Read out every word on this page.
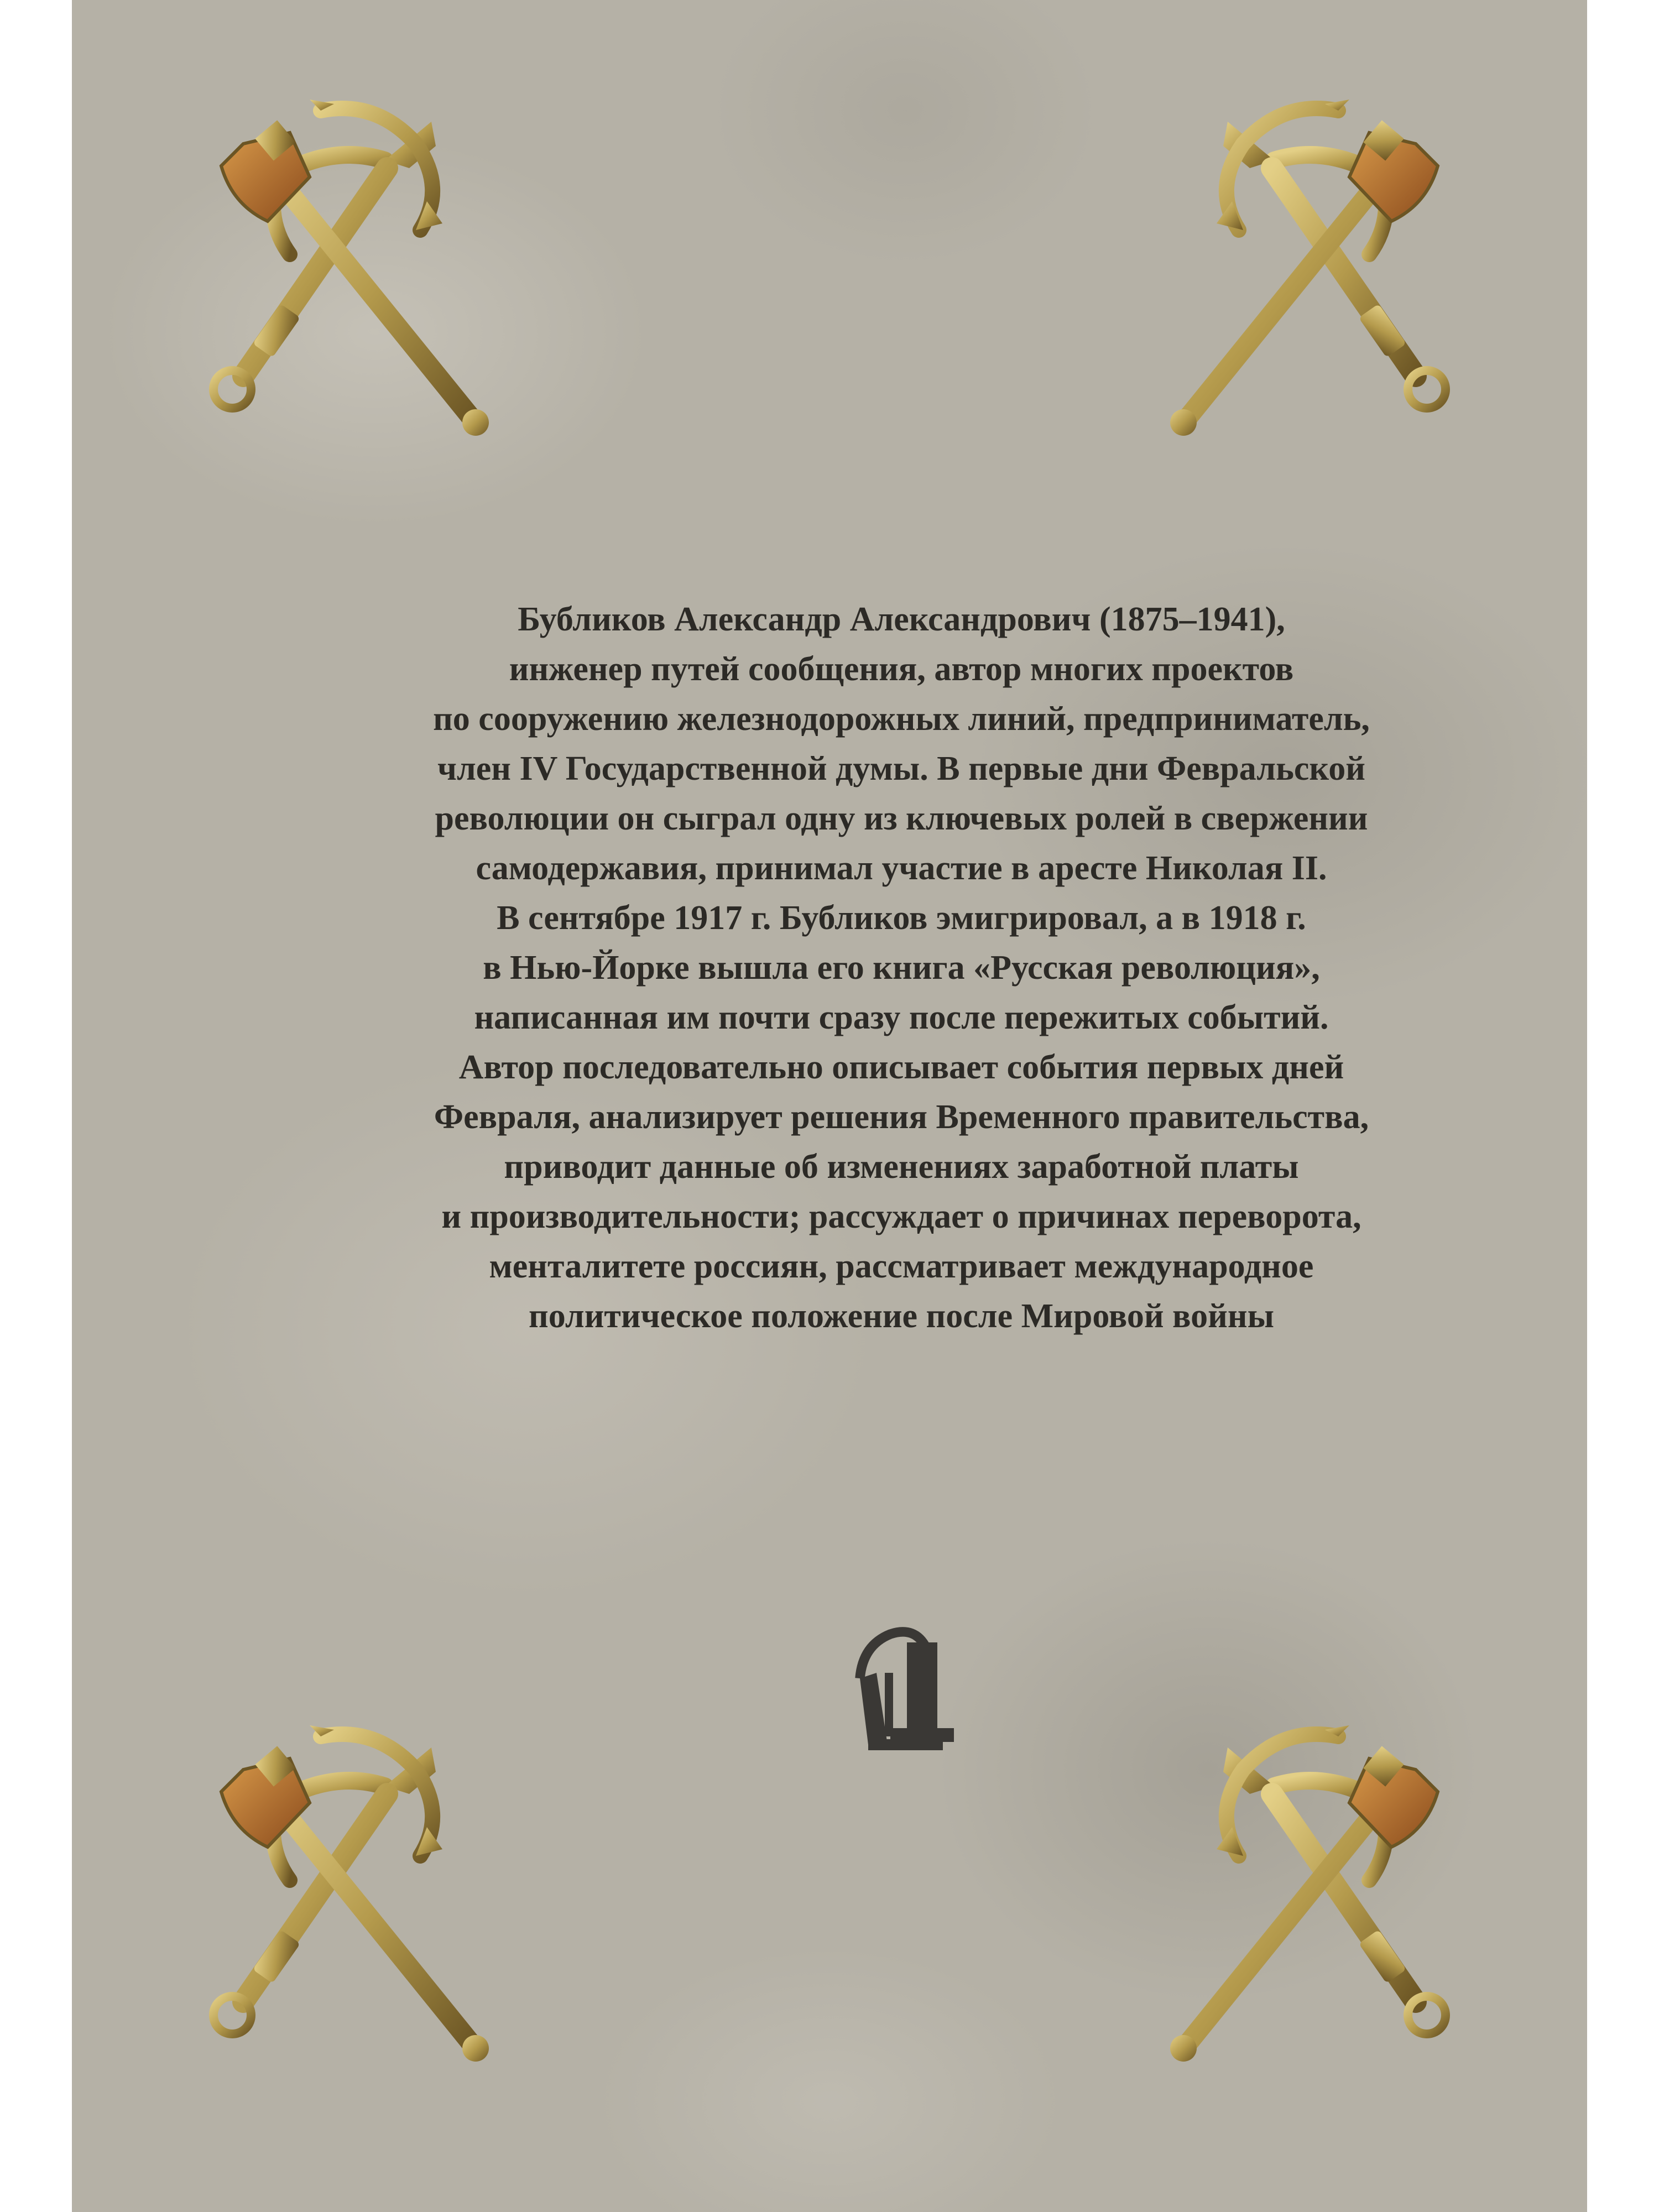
Бубликов Александр Александрович (1875–1941),
инженер путей сообщения, автор многих проектов
по сооружению железнодорожных линий, предприниматель,
член IV Государственной думы. В первые дни Февральской
революции он сыграл одну из ключевых ролей в свержении
самодержавия, принимал участие в аресте Николая II.
В сентябре 1917 г. Бубликов эмигрировал, а в 1918 г.
в Нью-Йорке вышла его книга «Русская революция»,
написанная им почти сразу после пережитых событий.
Автор последовательно описывает события первых дней
Февраля, анализирует решения Временного правительства,
приводит данные об изменениях заработной платы
и производительности; рассуждает о причинах переворота,
менталитете россиян, рассматривает международное
политическое положение после Мировой войны
